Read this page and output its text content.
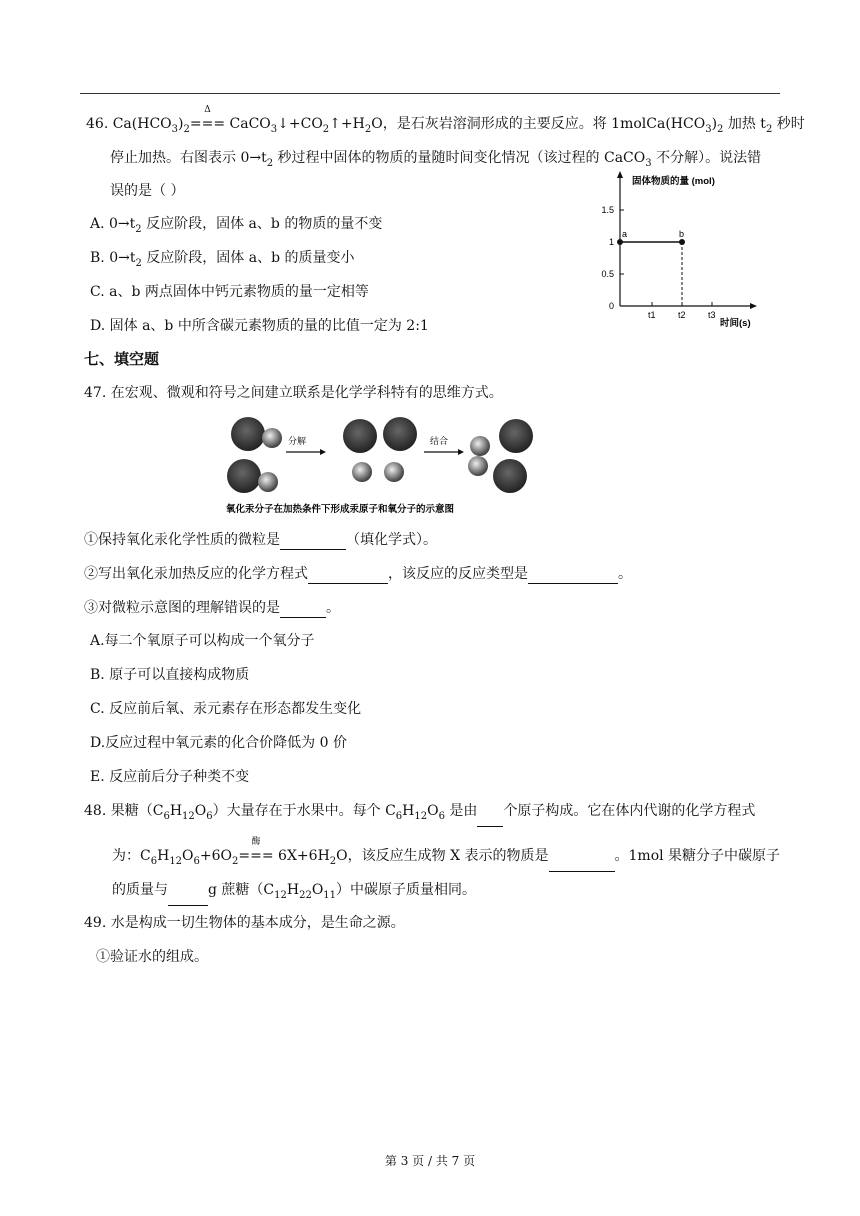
46. $Ca(HCO_3)_2$
Δ
=== $CaCO_3↓+CO_2↑+H_2O$，是石灰岩溶洞形成的主要反应。将 $1molCa(HCO_3)_2$ 加热 $t_2$ 秒时
停止加热。右图表示 $0\to t_2$ 秒过程中固体的物质的量随时间变化情况（该过程的 CaCO$_3$ 不分解）。说法错
误的是（ ）
A. $0\to t_2$ 反应阶段，固体 a、b 的物质的量不变
B. $0\to t_2$ 反应阶段，固体 a、b 的质量变小
C. a、b 两点固体中钙元素物质的量一定相等
D. 固体 a、b 中所含碳元素物质的量的比值一定为 2:1
固体物质的量 (mol)
时间(s)
0
0.5
1
1.5
t1 t2 t3
a	b
七、填空题
47. 在宏观、微观和符号之间建立联系是化学学科特有的思维方式。
分解	结合
氧化汞分子在加热条件下形成汞原子和氧分子的示意图
①保持氧化汞化学性质的微粒是	（填化学式）。
②写出氧化汞加热反应的化学方程式	，该反应的反应类型是	。
③对微粒示意图的理解错误的是	。
A.每二个氧原子可以构成一个氧分子
B. 原子可以直接构成物质
C. 反应前后氧、汞元素存在形态都发生变化
D.反应过程中氧元素的化合价降低为 0 价
E. 反应前后分子种类不变
48. 果糖$(C_6H_{12}O_6)$大量存在于水果中。每个 $C_6H_{12}O_6$ 是由 个原子构成。它在体内代谢的化学方程式
为：$C_6H_{12}O_6+6O_2$
酶
=== $6X+6H_2O$，该反应生成物 X 表示的物质是	。1mol 果糖分子中碳原子
的质量与	g 蔗糖$(C_{12}H_{22}O_{11})$中碳原子质量相同。
49. 水是构成一切生物体的基本成分，是生命之源。
①验证水的组成。
第 3 页 / 共 7 页
